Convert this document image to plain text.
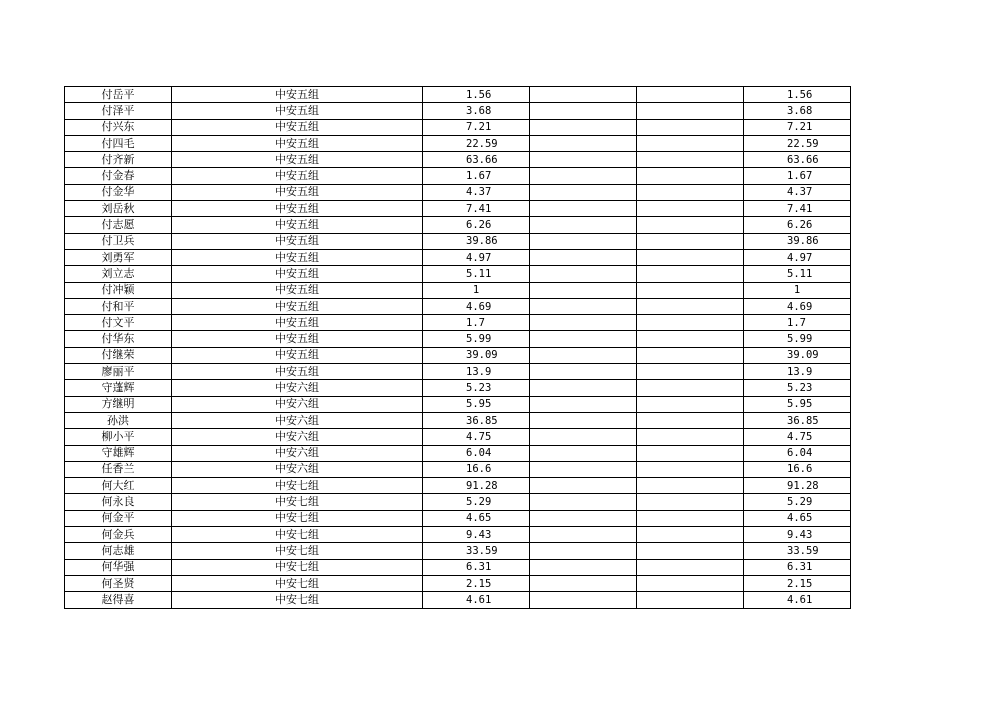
付岳平	中安五组	1.56			1.56
付泽平	中安五组	3.68			3.68
付兴东	中安五组	7.21			7.21
付四毛	中安五组	22.59			22.59
付齐新	中安五组	63.66			63.66
付金春	中安五组	1.67			1.67
付金华	中安五组	4.37			4.37
刘岳秋	中安五组	7.41			7.41
付志愿	中安五组	6.26			6.26
付卫兵	中安五组	39.86			39.86
刘勇军	中安五组	4.97			4.97
刘立志	中安五组	5.11			5.11
付冲颖	中安五组	1			1
付和平	中安五组	4.69			4.69
付文平	中安五组	1.7			1.7
付华东	中安五组	5.99			5.99
付继荣	中安五组	39.09			39.09
廖丽平	中安五组	13.9			13.9
守蓬辉	中安六组	5.23			5.23
方继明	中安六组	5.95			5.95
孙洪	中安六组	36.85			36.85
柳小平	中安六组	4.75			4.75
守雄辉	中安六组	6.04			6.04
任香兰	中安六组	16.6			16.6
何大红	中安七组	91.28			91.28
何永良	中安七组	5.29			5.29
何金平	中安七组	4.65			4.65
何金兵	中安七组	9.43			9.43
何志雄	中安七组	33.59			33.59
何华强	中安七组	6.31			6.31
何圣贤	中安七组	2.15			2.15
赵得喜	中安七组	4.61			4.61
